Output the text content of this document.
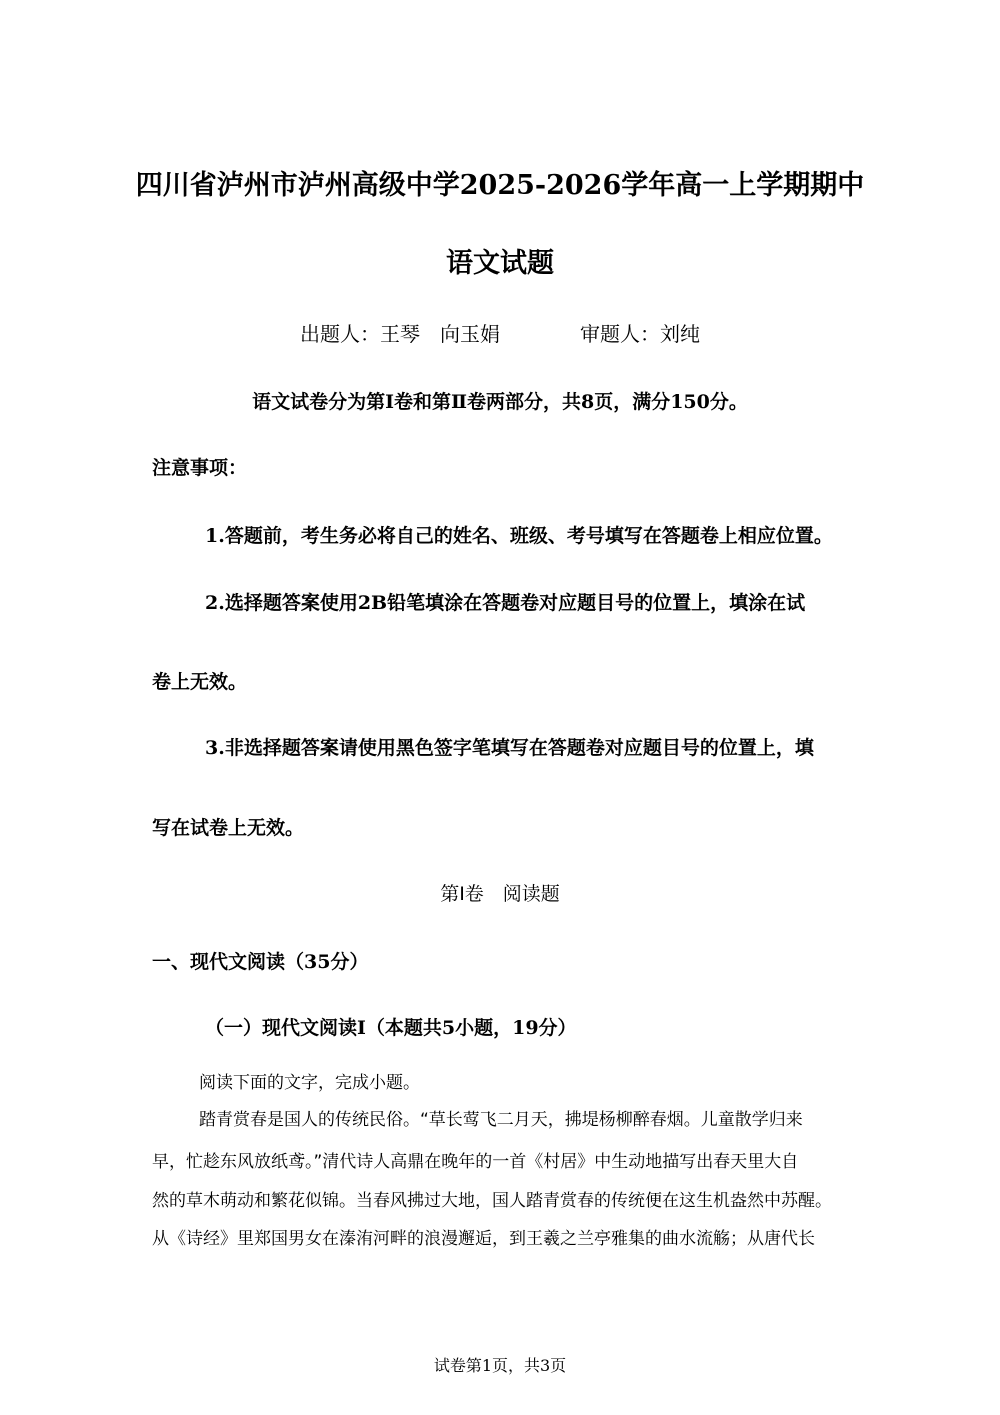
四川省泸州市泸州高级中学2025-2026学年高一上学期期中
语文试题
出题人：王琴　向玉娟	审题人：刘纯
语文试卷分为第Ⅰ卷和第Ⅱ卷两部分，共8页，满分150分。
注意事项：
1.答题前，考生务必将自己的姓名、班级、考号填写在答题卷上相应位置。
2.选择题答案使用2B铅笔填涂在答题卷对应题目号的位置上，填涂在试
卷上无效。
3.非选择题答案请使用黑色签字笔填写在答题卷对应题目号的位置上，填
写在试卷上无效。
第Ⅰ卷　阅读题
一、现代文阅读（35分）
（一）现代文阅读Ⅰ（本题共5小题，19分）
阅读下面的文字，完成小题。
踏青赏春是国人的传统民俗。“草长莺飞二月天，拂堤杨柳醉春烟。儿童散学归来
早，忙趁东风放纸鸢。”清代诗人高鼎在晚年的一首《村居》中生动地描写出春天里大自
然的草木萌动和繁花似锦。当春风拂过大地，国人踏青赏春的传统便在这生机盎然中苏醒。
从《诗经》里郑国男女在溱洧河畔的浪漫邂逅，到王羲之兰亭雅集的曲水流觞；从唐代长
试卷第1页，共3页
